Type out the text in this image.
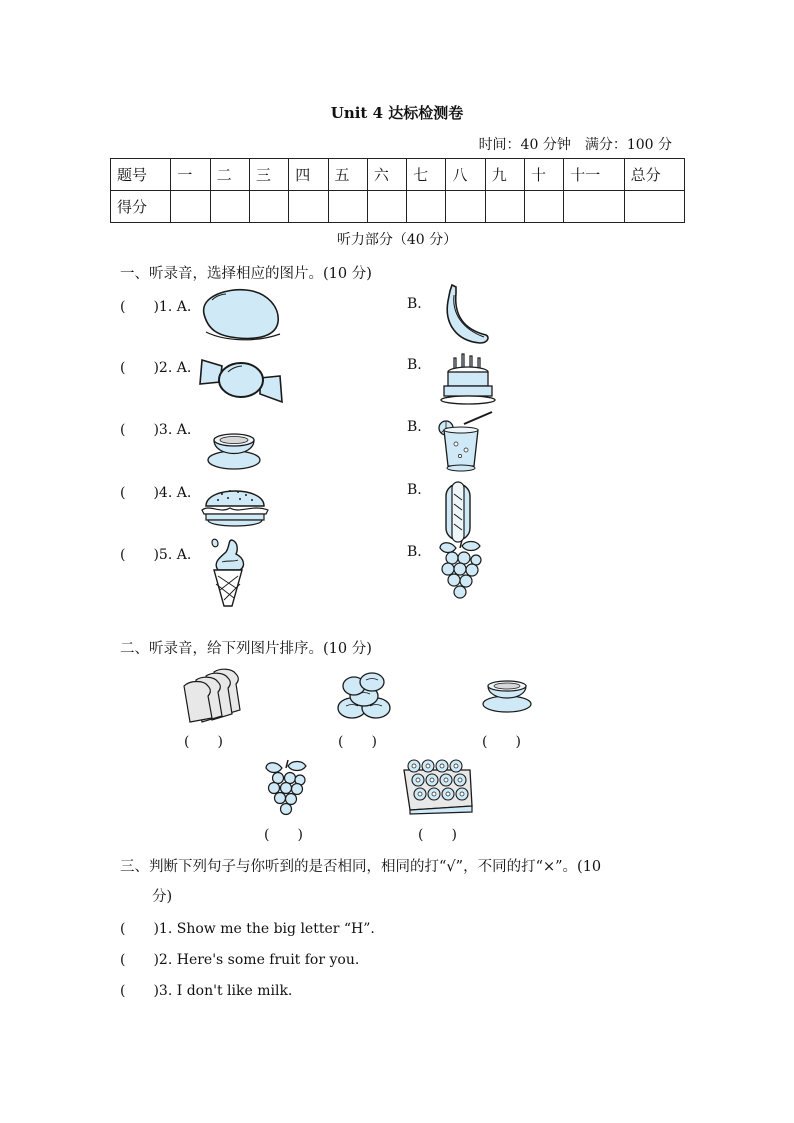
Unit 4 达标检测卷
时间：40 分钟　满分：100 分
题号	一	二	三	四	五	六	七	八	九	十	十一	总分
得分												
听力部分（40 分）
一、听录音，选择相应的图片。(10 分)
(　　)1. A.	B.
(　　)2. A.	B.
(　　)3. A.	B.
(　　)4. A.	B.
(　　)5. A.	B.
二、听录音，给下列图片排序。(10 分)
(　　)	(　　)	(　　)
(　　)	(　　)
三、判断下列句子与你听到的是否相同，相同的打“√”，不同的打“×”。(10
分)
(　　)1. Show me the big letter “H”.
(　　)2. Here's some fruit for you.
(　　)3. I don't like milk.
